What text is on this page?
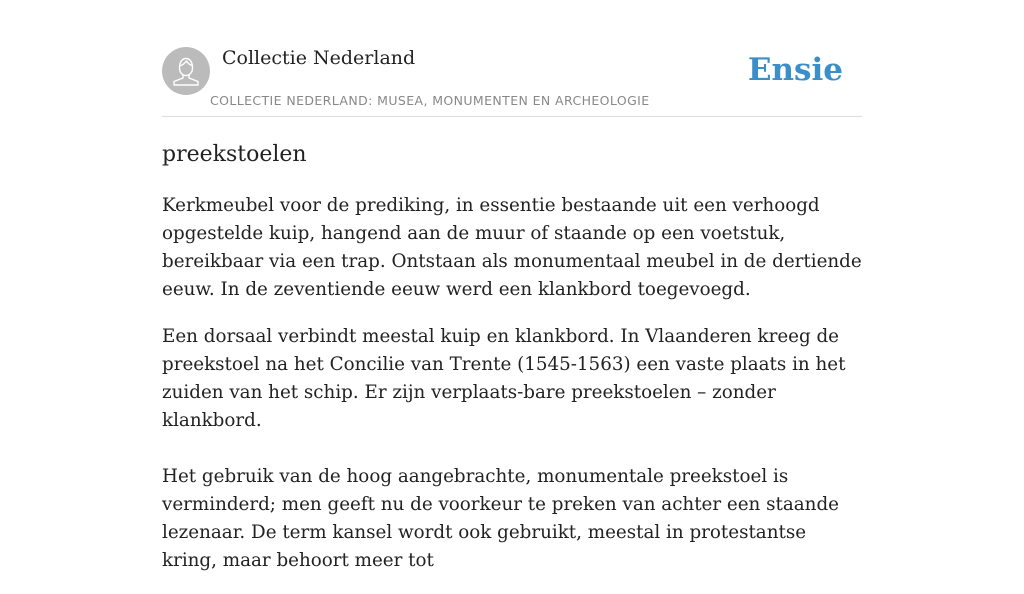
Collectie Nederland
COLLECTIE NEDERLAND: MUSEA, MONUMENTEN EN ARCHEOLOGIE
Ensie
preekstoelen

Kerkmeubel voor de prediking, in essentie bestaande uit een verhoogd opgestelde kuip, hangend aan de muur of staande op een voetstuk, bereikbaar via een trap. Ontstaan als monumentaal meubel in de dertiende eeuw. In de zeventiende eeuw werd een klankbord toegevoegd.

Een dorsaal verbindt meestal kuip en klankbord. In Vlaanderen kreeg de preekstoel na het Concilie van Trente (1545-1563) een vaste plaats in het zuiden van het schip. Er zijn verplaats-bare preekstoelen – zonder klankbord.

Het gebruik van de hoog aangebrachte, monumentale preekstoel is verminderd; men geeft nu de voorkeur te preken van achter een staande lezenaar. De term kansel wordt ook gebruikt, meestal in protestantse kring, maar behoort meer tot
